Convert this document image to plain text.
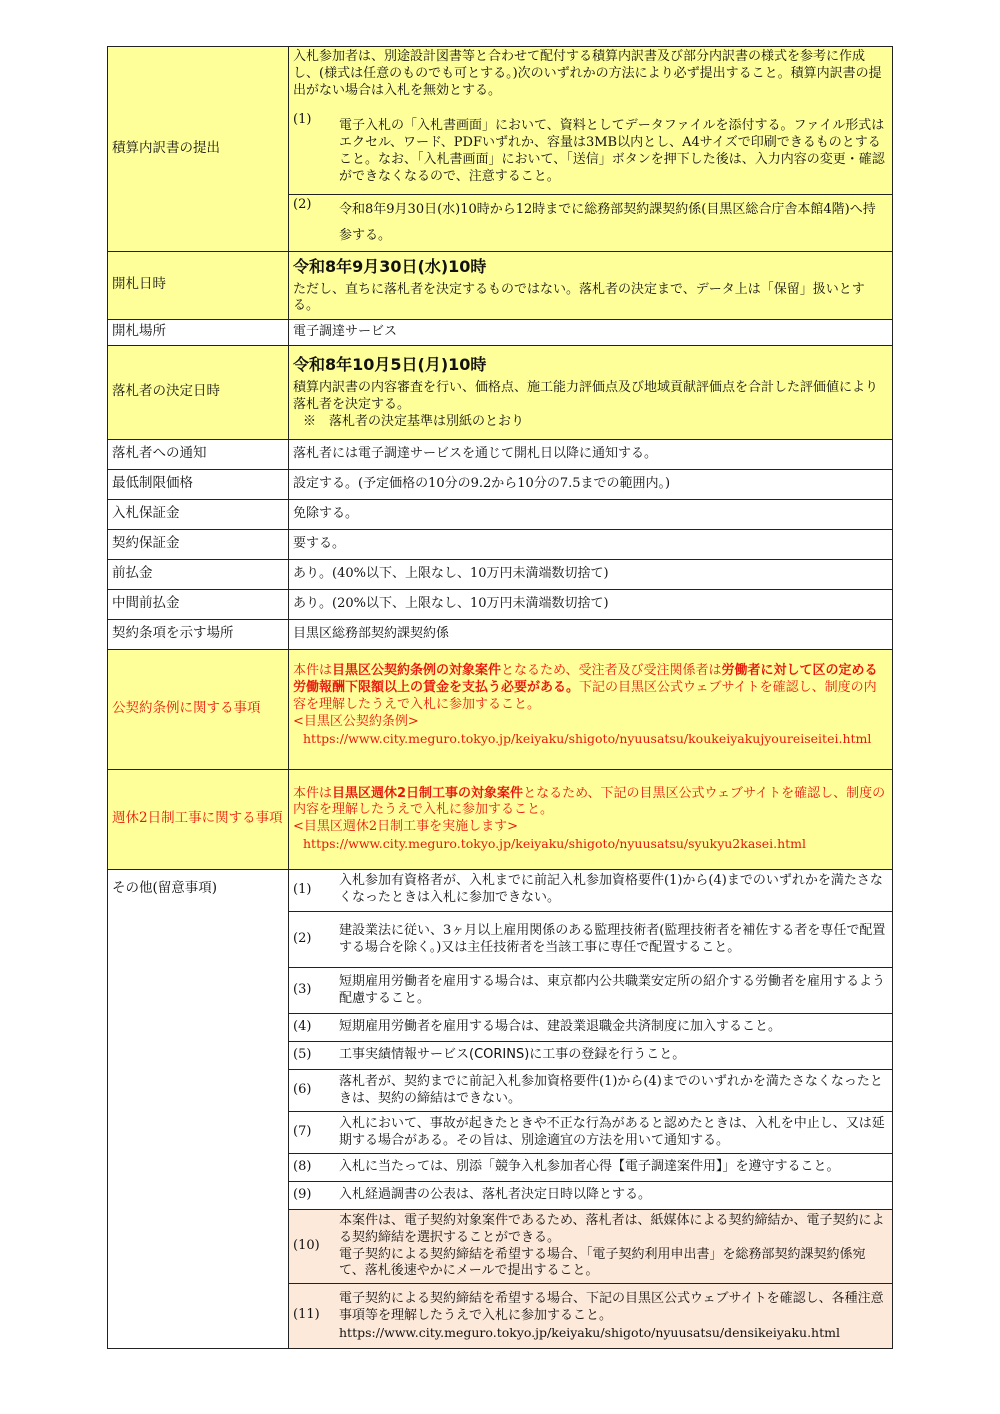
積算内訳書の提出	
入札参加者は、別途設計図書等と合わせて配付する積算内訳書及び部分内訳書の様式を参考に作成し、(様式は任意のものでも可とする。)次のいずれかの方法により必ず提出すること。積算内訳書の提出がない場合は入札を無効とする。
(1)	電子入札の「入札書画面」において、資料としてデータファイルを添付する。ファイル形式はエクセル、ワード、PDFいずれか、容量は3MB以内とし、A4サイズで印刷できるものとすること。なお、「入札書画面」において、「送信」ボタンを押下した後は、入力内容の変更・確認ができなくなるので、注意すること。
(2)	令和8年9月30日(水)10時から12時までに総務部契約課契約係(目黒区総合庁舎本館4階)へ持参する。

開札日時	
令和8年9月30日(水)10時
ただし、直ちに落札者を決定するものではない。落札者の決定まで、データ上は「保留」扱いとする。

開札場所	電子調達サービス
落札者の決定日時	
令和8年10月5日(月)10時
積算内訳書の内容審査を行い、価格点、施工能力評価点及び地域貢献評価点を合計した評価値により落札者を決定する。
※　落札者の決定基準は別紙のとおり

落札者への通知	落札者には電子調達サービスを通じて開札日以降に通知する。
最低制限価格	設定する。(予定価格の10分の9.2から10分の7.5までの範囲内。)
入札保証金	免除する。
契約保証金	要する。
前払金	あり。(40%以下、上限なし、10万円未満端数切捨て)
中間前払金	あり。(20%以下、上限なし、10万円未満端数切捨て)
契約条項を示す場所	目黒区総務部契約課契約係
公契約条例に関する事項	
本件は目黒区公契約条例の対象案件となるため、受注者及び受注関係者は労働者に対して区の定める労働報酬下限額以上の賃金を支払う必要がある。下記の目黒区公式ウェブサイトを確認し、制度の内容を理解したうえで入札に参加すること。
<目黒区公契約条例>
https://www.city.meguro.tokyo.jp/keiyaku/shigoto/nyuusatsu/koukeiyakujyoureiseitei.html

週休2日制工事に関する事項	
本件は目黒区週休2日制工事の対象案件となるため、下記の目黒区公式ウェブサイトを確認し、制度の内容を理解したうえで入札に参加すること。
<目黒区週休2日制工事を実施します>
https://www.city.meguro.tokyo.jp/keiyaku/shigoto/nyuusatsu/syukyu2kasei.html

その他(留意事項)		(1)	入札参加有資格者が、入札までに前記入札参加資格要件(1)から(4)までのいずれかを満たさなくなったときは入札に参加できない。
(2)	建設業法に従い、3ヶ月以上雇用関係のある監理技術者(監理技術者を補佐する者を専任で配置する場合を除く。)又は主任技術者を当該工事に専任で配置すること。
(3)	短期雇用労働者を雇用する場合は、東京都内公共職業安定所の紹介する労働者を雇用するよう配慮すること。
(4)	短期雇用労働者を雇用する場合は、建設業退職金共済制度に加入すること。
(5)	工事実績情報サービス(CORINS)に工事の登録を行うこと。
(6)	落札者が、契約までに前記入札参加資格要件(1)から(4)までのいずれかを満たさなくなったときは、契約の締結はできない。
(7)	入札において、事故が起きたときや不正な行為があると認めたときは、入札を中止し、又は延期する場合がある。その旨は、別途適宜の方法を用いて通知する。
(8)	入札に当たっては、別添「競争入札参加者心得【電子調達案件用】」を遵守すること。
(9)	入札経過調書の公表は、落札者決定日時以降とする。
(10)	
本案件は、電子契約対象案件であるため、落札者は、紙媒体による契約締結か、電子契約による契約締結を選択することができる。
電子契約による契約締結を希望する場合、「電子契約利用申出書」を総務部契約課契約係宛て、落札後速やかにメールで提出すること。

(11)	
電子契約による契約締結を希望する場合、下記の目黒区公式ウェブサイトを確認し、各種注意事項等を理解したうえで入札に参加すること。
https://www.city.meguro.tokyo.jp/keiyaku/shigoto/nyuusatsu/densikeiyaku.html
